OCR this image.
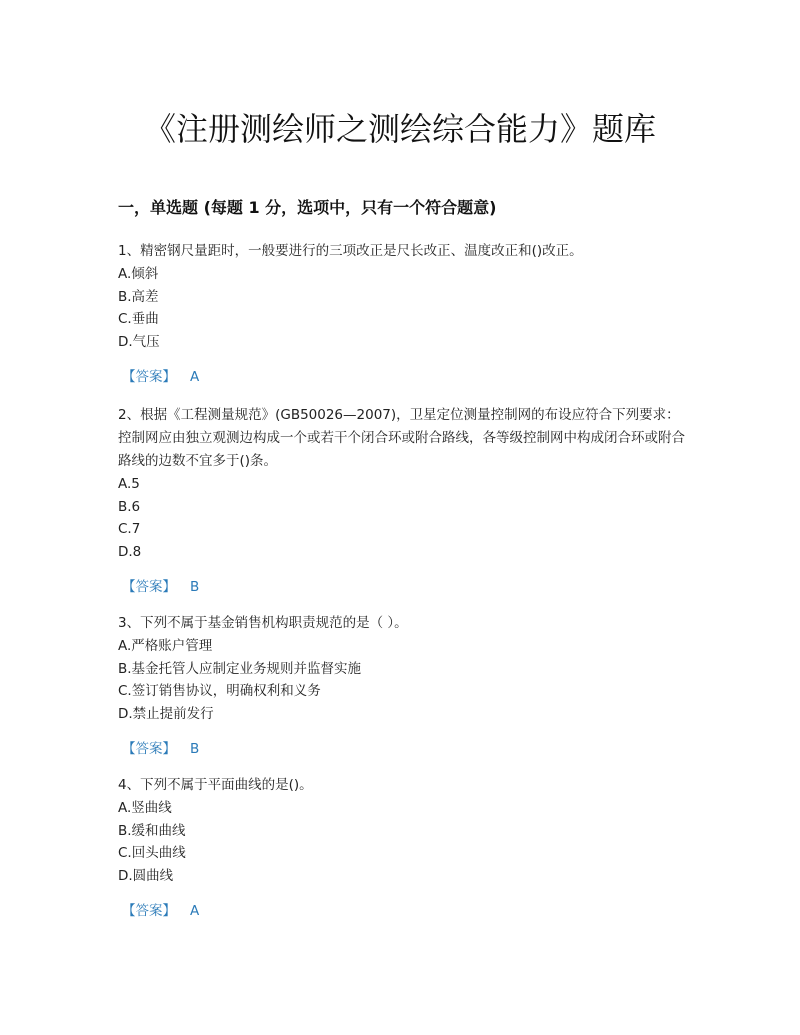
《注册测绘师之测绘综合能力》题库
一，单选题 (每题 1 分，选项中，只有一个符合题意)

1、精密钢尺量距时，一般要进行的三项改正是尺长改正、温度改正和()改正。

A.倾斜

B.高差

C.垂曲

D.气压

【答案】 A

2、根据《工程测量规范》(GB50026—2007)，卫星定位测量控制网的布设应符合下列要求：控制网应由独立观测边构成一个或若干个闭合环或附合路线，各等级控制网中构成闭合环或附合路线的边数不宜多于()条。

A.5

B.6

C.7

D.8

【答案】 B

3、下列不属于基金销售机构职责规范的是（ ）。

A.严格账户管理

B.基金托管人应制定业务规则并监督实施

C.签订销售协议，明确权利和义务

D.禁止提前发行

【答案】 B

4、下列不属于平面曲线的是()。

A.竖曲线

B.缓和曲线

C.回头曲线

D.圆曲线

【答案】 A
